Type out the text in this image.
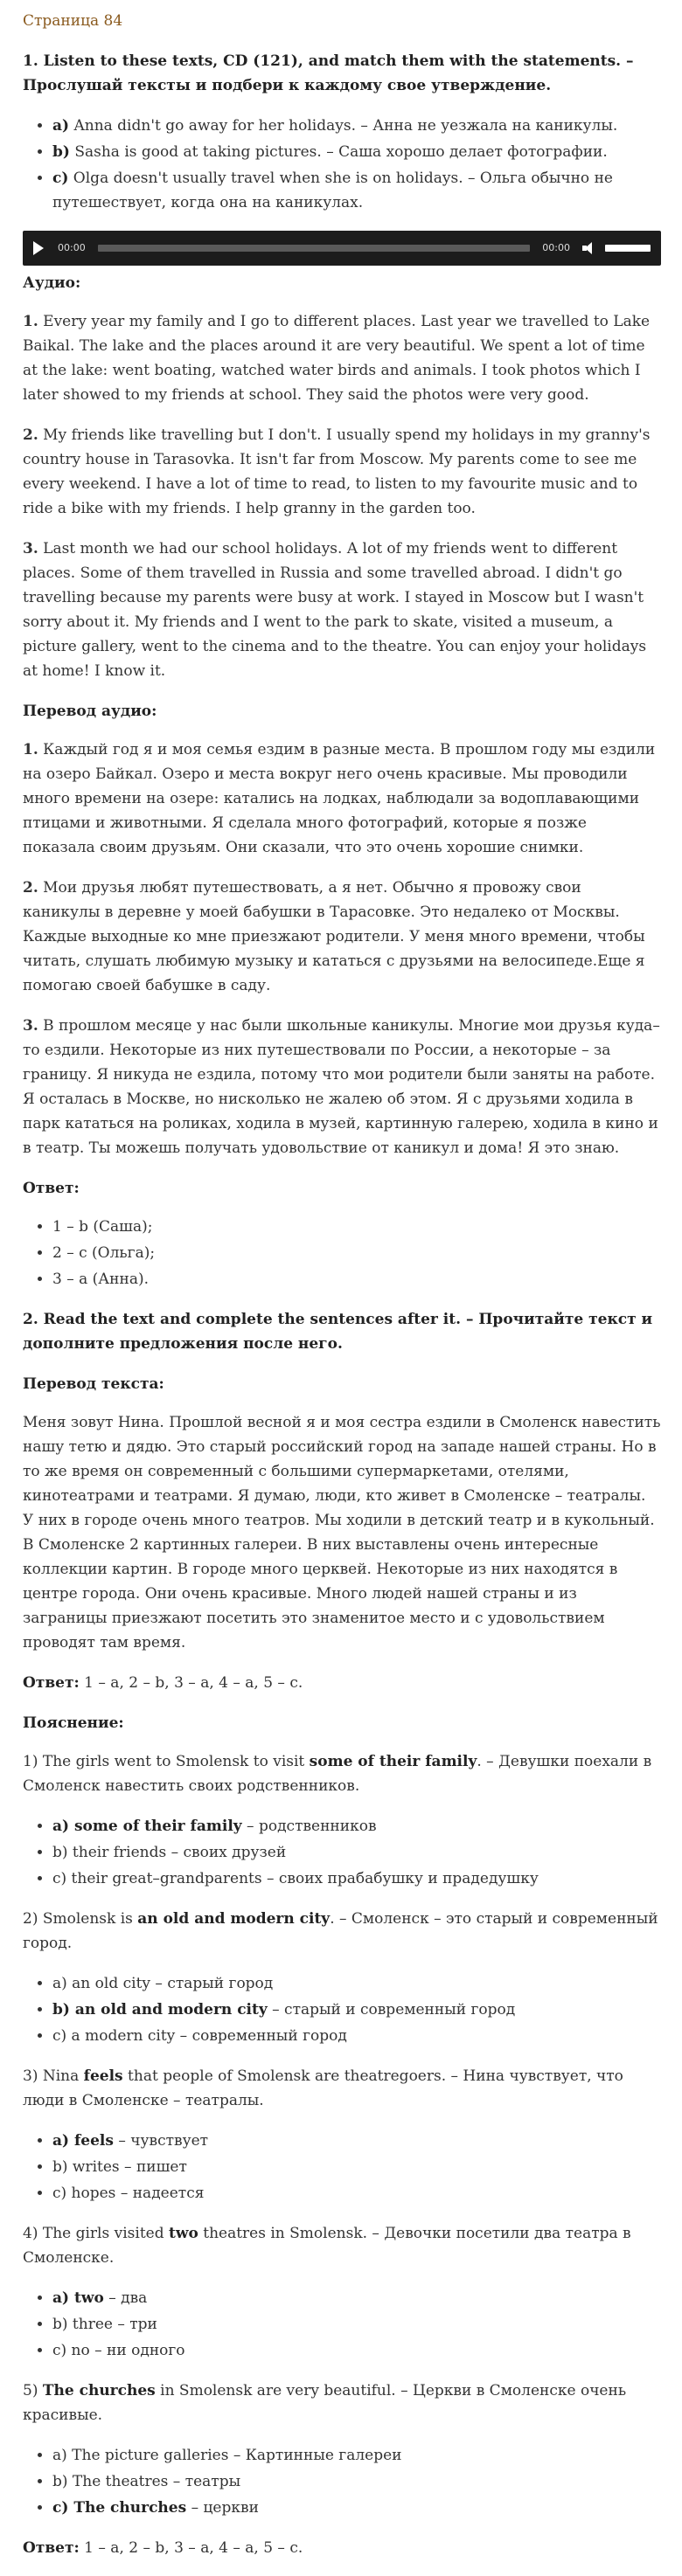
Страница 84

1. Listen to these texts, CD (121), and match them with the statements. – Прослушай тексты и подбери к каждому свое утверждение.

• a) Anna didn't go away for her holidays. – Анна не уезжала на каникулы.
• b) Sasha is good at taking pictures. – Саша хорошо делает фотографии.
• c) Olga doesn't usually travel when she is on holidays. – Ольга обычно не путешествует, когда она на каникулах.
00:00	00:00

Аудио:

1. Every year my family and I go to different places. Last year we travelled to Lake Baikal. The lake and the places around it are very beautiful. We spent a lot of time at the lake: went boating, watched water birds and animals. I took photos which I later showed to my friends at school. They said the photos were very good.

2. My friends like travelling but I don't. I usually spend my holidays in my granny's country house in Tarasovka. It isn't far from Moscow. My parents come to see me every weekend. I have a lot of time to read, to listen to my favourite music and to ride a bike with my friends. I help granny in the garden too.

3. Last month we had our school holidays. A lot of my friends went to different places. Some of them travelled in Russia and some travelled abroad. I didn't go travelling because my parents were busy at work. I stayed in Moscow but I wasn't sorry about it. My friends and I went to the park to skate, visited a museum, a picture gallery, went to the cinema and to the theatre. You can enjoy your holidays at home! I know it.

Перевод аудио:

1. Каждый год я и моя семья ездим в разные места. В прошлом году мы ездили на озеро Байкал. Озеро и места вокруг него очень красивые. Мы проводили много времени на озере: катались на лодках, наблюдали за водоплавающими птицами и животными. Я сделала много фотографий, которые я позже показала своим друзьям. Они сказали, что это очень хорошие снимки.

2. Мои друзья любят путешествовать, а я нет. Обычно я провожу свои каникулы в деревне у моей бабушки в Тарасовке. Это недалеко от Москвы. Каждые выходные ко мне приезжают родители. У меня много времени, чтобы читать, слушать любимую музыку и кататься с друзьями на велосипеде.Еще я помогаю своей бабушке в саду.

3. В прошлом месяце у нас были школьные каникулы. Многие мои друзья куда–то ездили. Некоторые из них путешествовали по России, а некоторые – за границу. Я никуда не ездила, потому что мои родители были заняты на работе. Я осталась в Москве, но нисколько не жалею об этом. Я с друзьями ходила в парк кататься на роликах, ходила в музей, картинную галерею, ходила в кино и в театр. Ты можешь получать удовольствие от каникул и дома! Я это знаю.

Ответ:

• 1 – b (Саша);
• 2 – c (Ольга);
• 3 – a (Анна).

2. Read the text and complete the sentences after it. – Прочитайте текст и дополните предложения после него.

Перевод текста:

Меня зовут Нина. Прошлой весной я и моя сестра ездили в Смоленск навестить нашу тетю и дядю. Это старый российский город на западе нашей страны. Но в то же время он современный с большими супермаркетами, отелями, кинотеатрами и театрами. Я думаю, люди, кто живет в Смоленске – театралы. У них в городе очень много театров. Мы ходили в детский театр и в кукольный. В Смоленске 2 картинных галереи. В них выставлены очень интересные коллекции картин. В городе много церквей. Некоторые из них находятся в центре города. Они очень красивые. Много людей нашей страны и из заграницы приезжают посетить это знаменитое место и с удовольствием проводят там время.

Ответ: 1 – a, 2 – b, 3 – a, 4 – a, 5 – c.

Пояснение:

1) The girls went to Smolensk to visit some of their family. – Девушки поехали в Смоленск навестить своих родственников.

• a) some of their family – родственников
• b) their friends – своих друзей
• c) their great–grandparents – своих прабабушку и прадедушку

2) Smolensk is an old and modern city. – Смоленск – это старый и современный город.

• a) an old city – старый город
• b) an old and modern city – старый и современный город
• c) a modern city – современный город

3) Nina feels that people of Smolensk are theatregoers. – Нина чувствует, что люди в Смоленске – театралы.

• a) feels – чувствует
• b) writes – пишет
• c) hopes – надеется

4) The girls visited two theatres in Smolensk. – Девочки посетили два театра в Смоленске.

• a) two – два
• b) three – три
• c) no – ни одного

5) The churches in Smolensk are very beautiful. – Церкви в Смоленске очень красивые.

• a) The picture galleries – Картинные галереи
• b) The theatres – театры
• c) The churches – церкви

Ответ: 1 – a, 2 – b, 3 – a, 4 – a, 5 – c.
